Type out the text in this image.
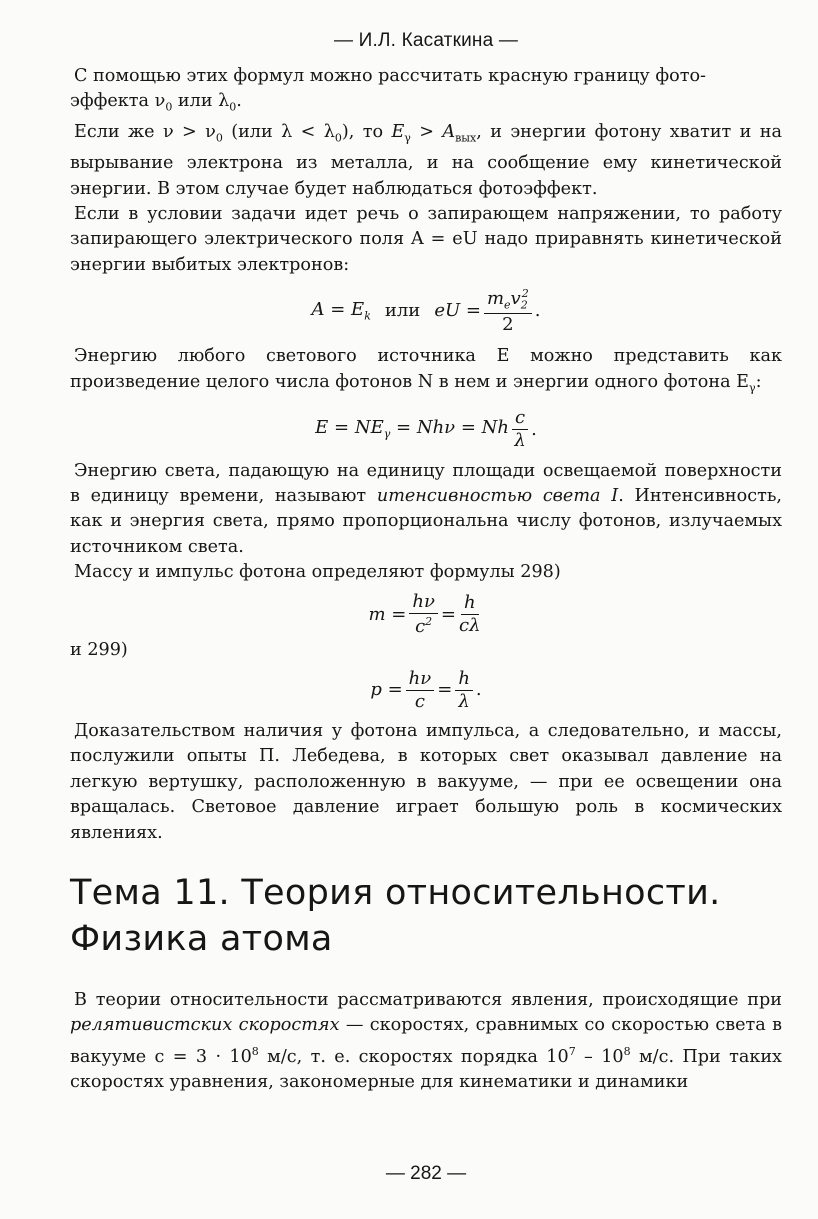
— И.Л. Касаткина —

С помощью этих формул можно рассчитать красную границу фото-
эффекта $\nu_0$ или $\lambda_0$.

Если же $\nu > \nu_0$ (или $\lambda < \lambda_0$), то $E_\gamma > A_{вых}$, и энергии фотону хватит и на вырывание электрона из металла, и на сообщение ему кинетической энергии. В этом случае будет наблюдаться фотоэффект.

Если в условии задачи идет речь о запирающем напряжении, то работу запирающего электрического поля A = eU надо приравнять кинетической энергии выбитых электронов:

$A = E_k$ или eU = $\frac{m_ev_2^2}{2}$ .

Энергию любого светового источника E можно представить как произведение целого числа фотонов N в нем и энергии одного фотона $E_\gamma$:

$E = NE_\gamma = Nh\nu = Nh \frac{c}{\lambda}$ .

Энергию света, падающую на единицу площади освещаемой поверхности в единицу времени, называют итенсивностью света I. Интенсивность, как и энергия света, прямо пропорциональна числу фотонов, излучаемых источником света.

Массу и импульс фотона определяют формулы 298)

$m = \frac{h\nu}{c^2} = \frac{h}{c\lambda}$

и 299)

$p = \frac{h\nu}{c} = \frac{h}{\lambda}$ .

Доказательством наличия у фотона импульса, а следовательно, и массы, послужили опыты П. Лебедева, в которых свет оказывал давление на легкую вертушку, расположенную в вакууме, — при ее освещении она вращалась. Световое давление играет большую роль в космических явлениях.

Тема 11. Теория относительности. Физика атома

В теории относительности рассматриваются явления, происходящие при релятивистских скоростях — скоростях, сравнимых со скоростью света в вакууме $c = 3 \cdot 10^8$ м/с, т. е. скоростях порядка $10^7 - 10^8$ м/с. При таких скоростях уравнения, закономерные для кинематики и динамики

— 282 —
